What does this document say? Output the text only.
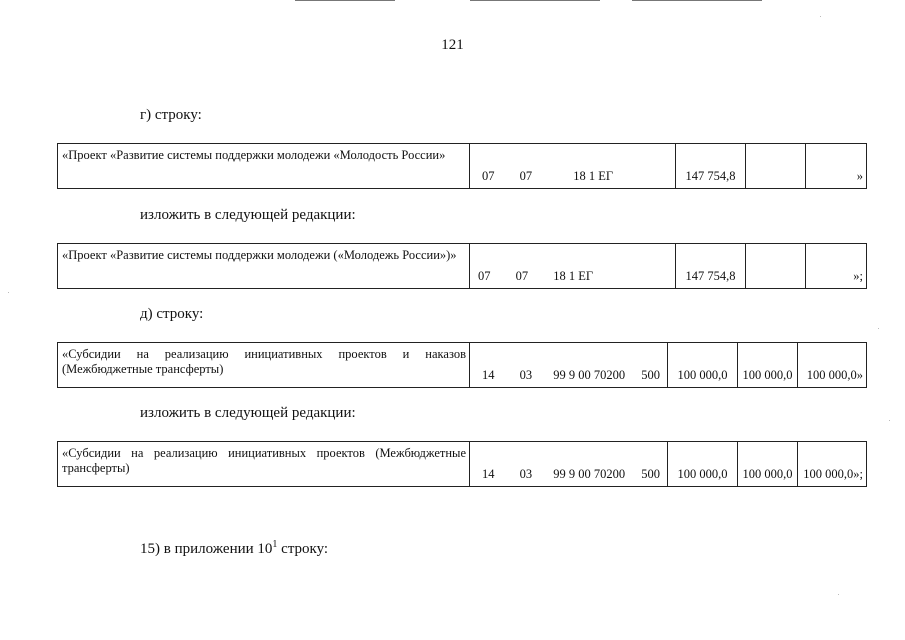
121
г) строку:
«Проект «Развитие системы поддержки молодежи «Молодость России»	07 07	18 1 ЕГ	147 754,8		»
изложить в следующей редакции:
«Проект «Развитие системы поддержки молодежи («Молодежь России»)»	07 07 18 1 ЕГ	147 754,8		»;
д) строку:
«Субсидии на реализацию инициативных проектов и наказов (Межбюджетные трансферты)	14 03 99 9 00 70200 500	100 000,0	100 000,0	100 000,0»
изложить в следующей редакции:
«Субсидии на реализацию инициативных проектов (Межбюджетные трансферты)	14 03 99 9 00 70200 500	100 000,0	100 000,0	100 000,0»;
15) в приложении $10^1$ строку:
